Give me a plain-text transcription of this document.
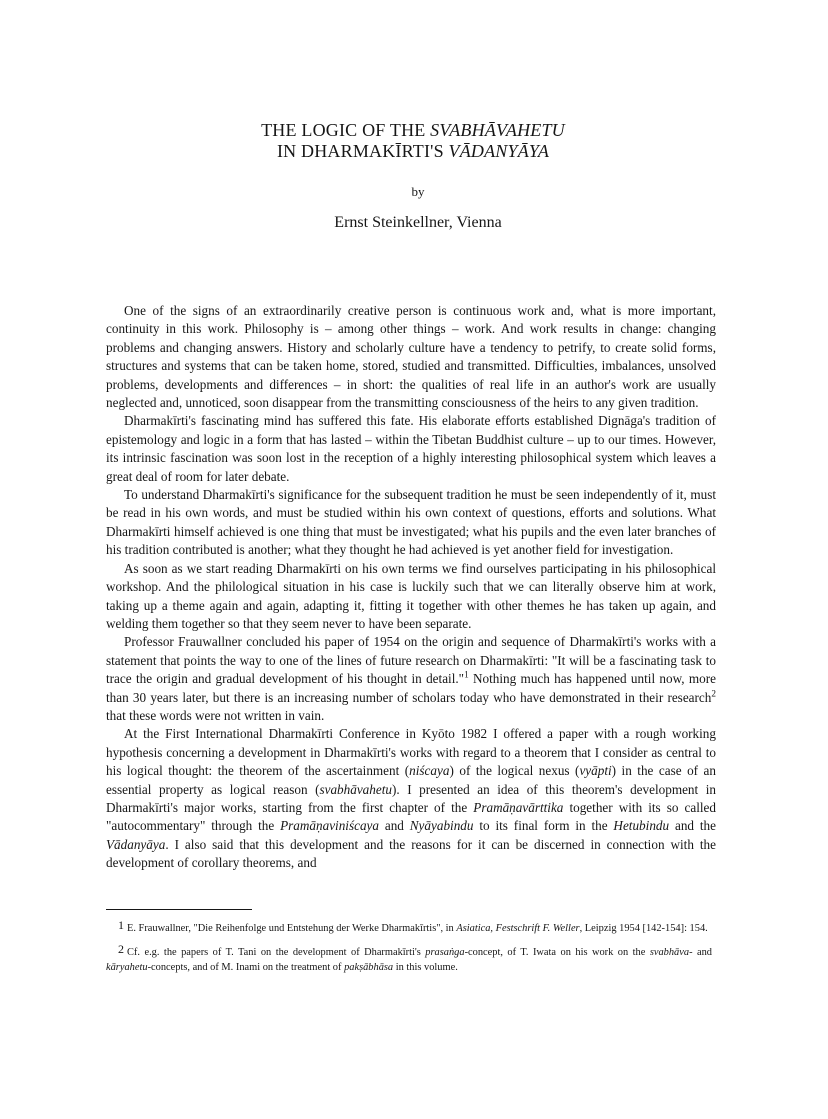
THE LOGIC OF THE SVABHĀVAHETU
IN DHARMAKĪRTI'S VĀDANYĀYA
by
Ernst Steinkellner, Vienna

One of the signs of an extraordinarily creative person is continuous work and, what is more important, continuity in this work. Philosophy is – among other things – work. And work results in change: changing problems and changing answers. History and scholarly culture have a tendency to petrify, to create solid forms, structures and systems that can be taken home, stored, studied and transmitted. Difficulties, imbalances, unsolved problems, developments and differences – in short: the qualities of real life in an author's work are usually neglected and, unnoticed, soon disappear from the transmitting consciousness of the heirs to any given tradition.

Dharmakīrti's fascinating mind has suffered this fate. His elaborate efforts established Dignāga's tradition of epistemology and logic in a form that has lasted – within the Tibetan Buddhist culture – up to our times. However, its intrinsic fascination was soon lost in the reception of a highly interesting philosophical system which leaves a great deal of room for later debate.

To understand Dharmakīrti's significance for the subsequent tradition he must be seen independently of it, must be read in his own words, and must be studied within his own context of questions, efforts and solutions. What Dharmakīrti himself achieved is one thing that must be investigated; what his pupils and the even later branches of his tradition contributed is another; what they thought he had achieved is yet another field for investigation.

As soon as we start reading Dharmakīrti on his own terms we find ourselves participating in his philosophical workshop. And the philological situation in his case is luckily such that we can literally observe him at work, taking up a theme again and again, adapting it, fitting it together with other themes he has taken up again, and welding them together so that they seem never to have been separate.

Professor Frauwallner concluded his paper of 1954 on the origin and sequence of Dharmakīrti's works with a statement that points the way to one of the lines of future research on Dharmakīrti: "It will be a fascinating task to trace the origin and gradual development of his thought in detail."$^1$ Nothing much has happened until now, more than 30 years later, but there is an increasing number of scholars today who have demonstrated in their research$^2$ that these words were not written in vain.

At the First International Dharmakīrti Conference in Kyōto 1982 I offered a paper with a rough working hypothesis concerning a development in Dharmakīrti's works with regard to a theorem that I consider as central to his logical thought: the theorem of the ascertainment (niścaya) of the logical nexus (vyāpti) in the case of an essential property as logical reason (svabhāvahetu). I presented an idea of this theorem's development in Dharmakīrti's major works, starting from the first chapter of the Pramāṇavārttika together with its so called "autocommentary" through the Pramāṇaviniścaya and Nyāyabindu to its final form in the Hetubindu and the Vādanyāya. I also said that this development and the reasons for it can be discerned in connection with the development of corollary theorems, and

1 E. Frauwallner, "Die Reihenfolge und Entstehung der Werke Dharmakīrtis", in Asiatica, Festschrift F. Weller, Leipzig 1954 [142-154]: 154.

2 Cf. e.g. the papers of T. Tani on the development of Dharmakīrti's prasaṅga-concept, of T. Iwata on his work on the svabhāva- and kāryahetu-concepts, and of M. Inami on the treatment of pakṣābhāsa in this volume.
